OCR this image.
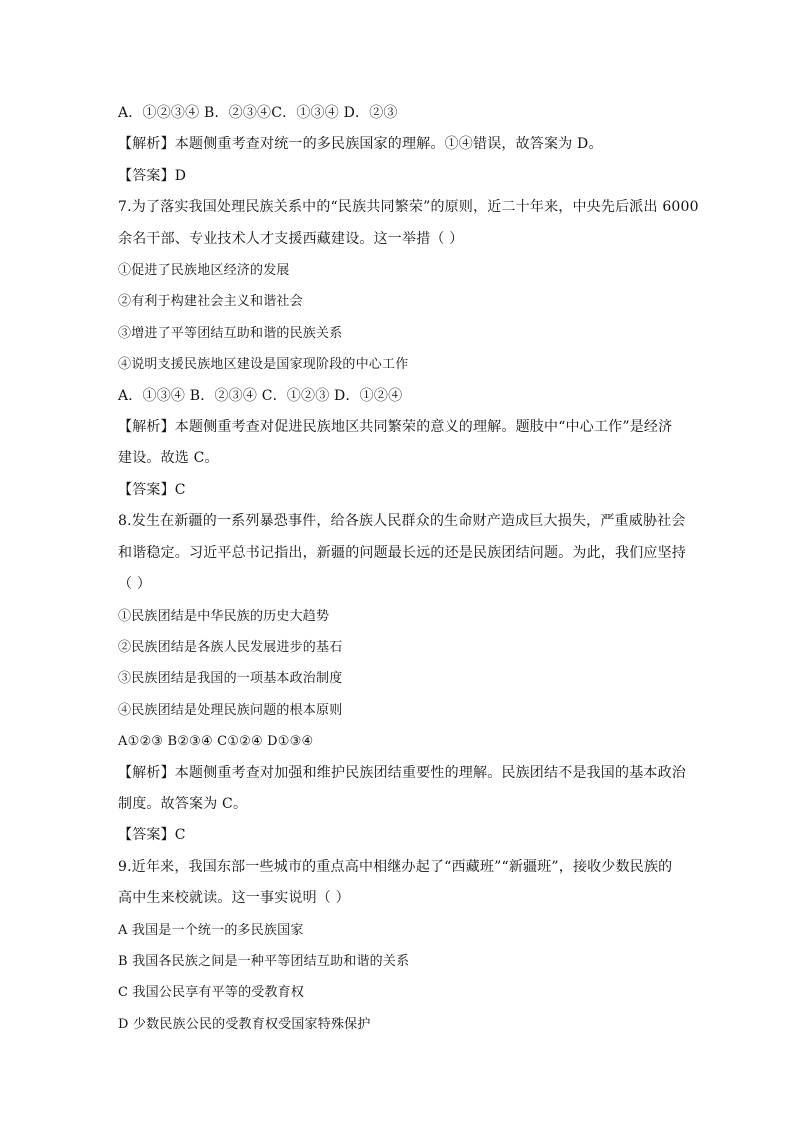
A．①②③④ B．②③④C．①③④ D．②③
【解析】本题侧重考查对统一的多民族国家的理解。①④错误，故答案为 D。
【答案】D
7.为了落实我国处理民族关系中的“民族共同繁荣”的原则，近二十年来，中央先后派出 6000
余名干部、专业技术人才支援西藏建设。这一举措（ ）
①促进了民族地区经济的发展
②有利于构建社会主义和谐社会
③增进了平等团结互助和谐的民族关系
④说明支援民族地区建设是国家现阶段的中心工作
A．①③④ B．②③④ C．①②③ D．①②④
【解析】本题侧重考查对促进民族地区共同繁荣的意义的理解。题肢中“中心工作”是经济
建设。故选 C。
【答案】C
8.发生在新疆的一系列暴恐事件，给各族人民群众的生命财产造成巨大损失，严重威胁社会
和谐稳定。习近平总书记指出，新疆的问题最长远的还是民族团结问题。为此，我们应坚持
（ ）
①民族团结是中华民族的历史大趋势
②民族团结是各族人民发展进步的基石
③民族团结是我国的一项基本政治制度
④民族团结是处理民族问题的根本原则
A①②③ B②③④ C①②④ D①③④
【解析】本题侧重考查对加强和维护民族团结重要性的理解。民族团结不是我国的基本政治
制度。故答案为 C。
【答案】C
9.近年来，我国东部一些城市的重点高中相继办起了“西藏班”“新疆班”，接收少数民族的
高中生来校就读。这一事实说明（ ）
A 我国是一个统一的多民族国家
B 我国各民族之间是一种平等团结互助和谐的关系
C 我国公民享有平等的受教育权
D 少数民族公民的受教育权受国家特殊保护
